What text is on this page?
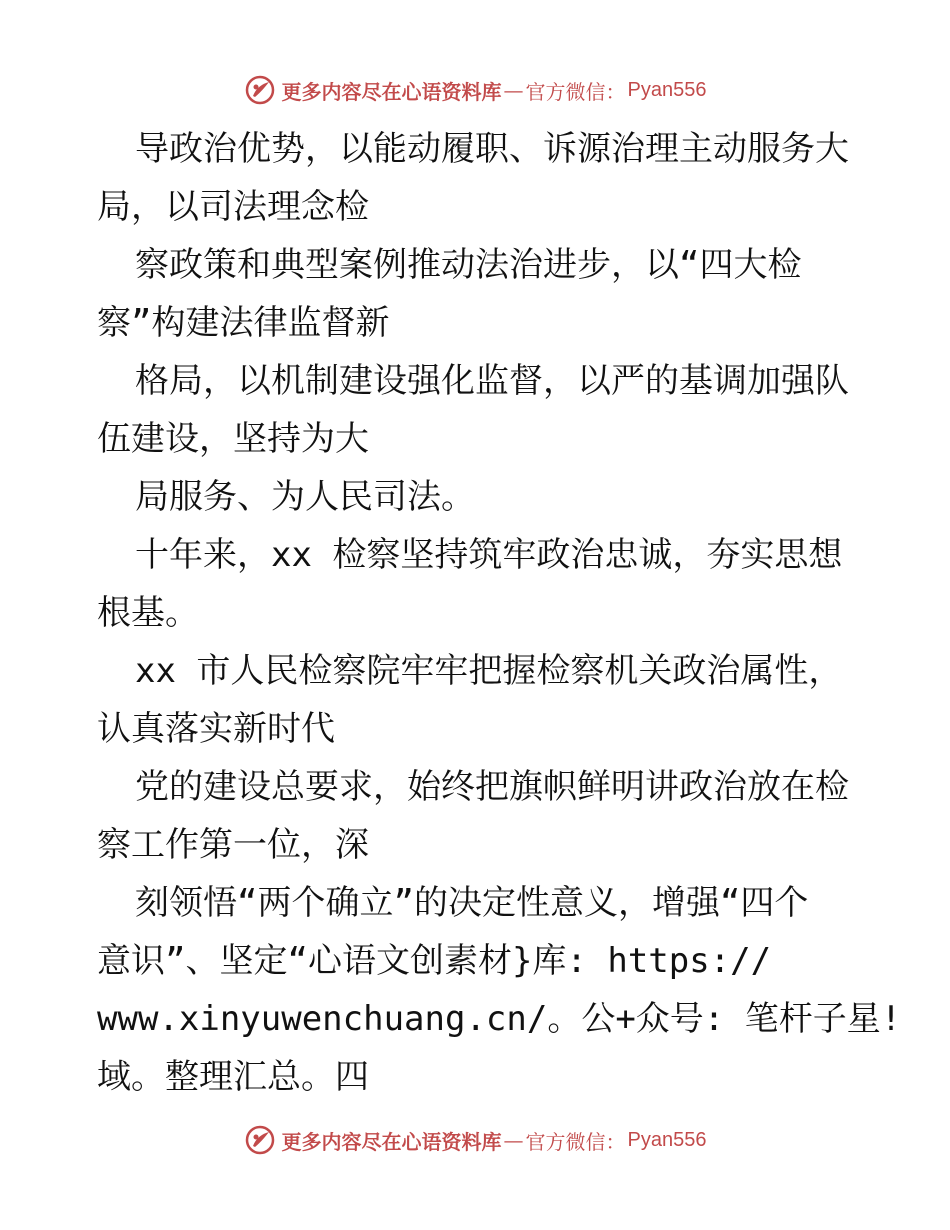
更多内容尽在心语资料库 — 官方微信： Pyan556
导政治优势，以能动履职、诉源治理主动服务大
局，以司法理念检
察政策和典型案例推动法治进步，以“四大检
察”构建法律监督新
格局，以机制建设强化监督，以严的基调加强队
伍建设，坚持为大
局服务、为人民司法。
十年来，xx 检察坚持筑牢政治忠诚，夯实思想
根基。
xx 市人民检察院牢牢把握检察机关政治属性，
认真落实新时代
党的建设总要求，始终把旗帜鲜明讲政治放在检
察工作第一位，深
刻领悟“两个确立”的决定性意义，增强“四个
意识”、坚定“心语文创素材}库: https://
www.xinyuwenchuang.cn/。公+众号: 笔杆子星!
域。整理汇总。四
更多内容尽在心语资料库 — 官方微信： Pyan556
